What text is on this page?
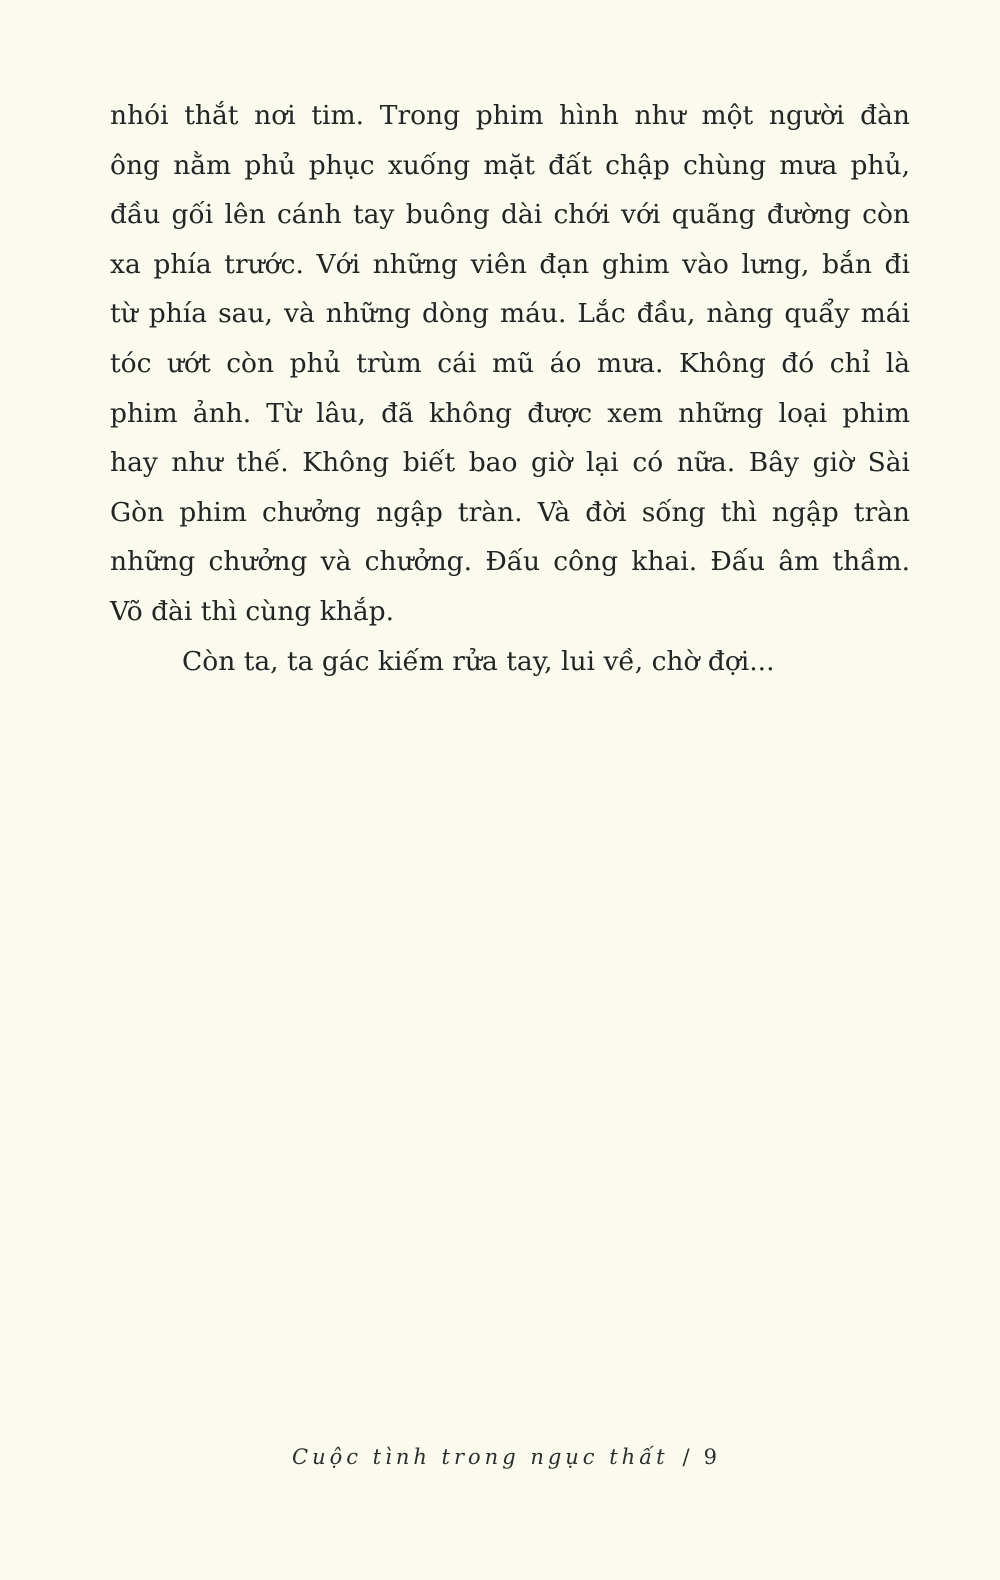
nhói thắt nơi tim. Trong phim hình như một người đàn
ông nằm phủ phục xuống mặt đất chập chùng mưa phủ,
đầu gối lên cánh tay buông dài chới với quãng đường còn
xa phía trước. Với những viên đạn ghim vào lưng, bắn đi
từ phía sau, và những dòng máu. Lắc đầu, nàng quẩy mái
tóc ướt còn phủ trùm cái mũ áo mưa. Không đó chỉ là
phim ảnh. Từ lâu, đã không được xem những loại phim
hay như thế. Không biết bao giờ lại có nữa. Bây giờ Sài
Gòn phim chưởng ngập tràn. Và đời sống thì ngập tràn
những chưởng và chưởng. Đấu công khai. Đấu âm thầm.
Võ đài thì cùng khắp.
Còn ta, ta gác kiếm rửa tay, lui về, chờ đợi...
Cuộc tình trong ngục thất / 9
